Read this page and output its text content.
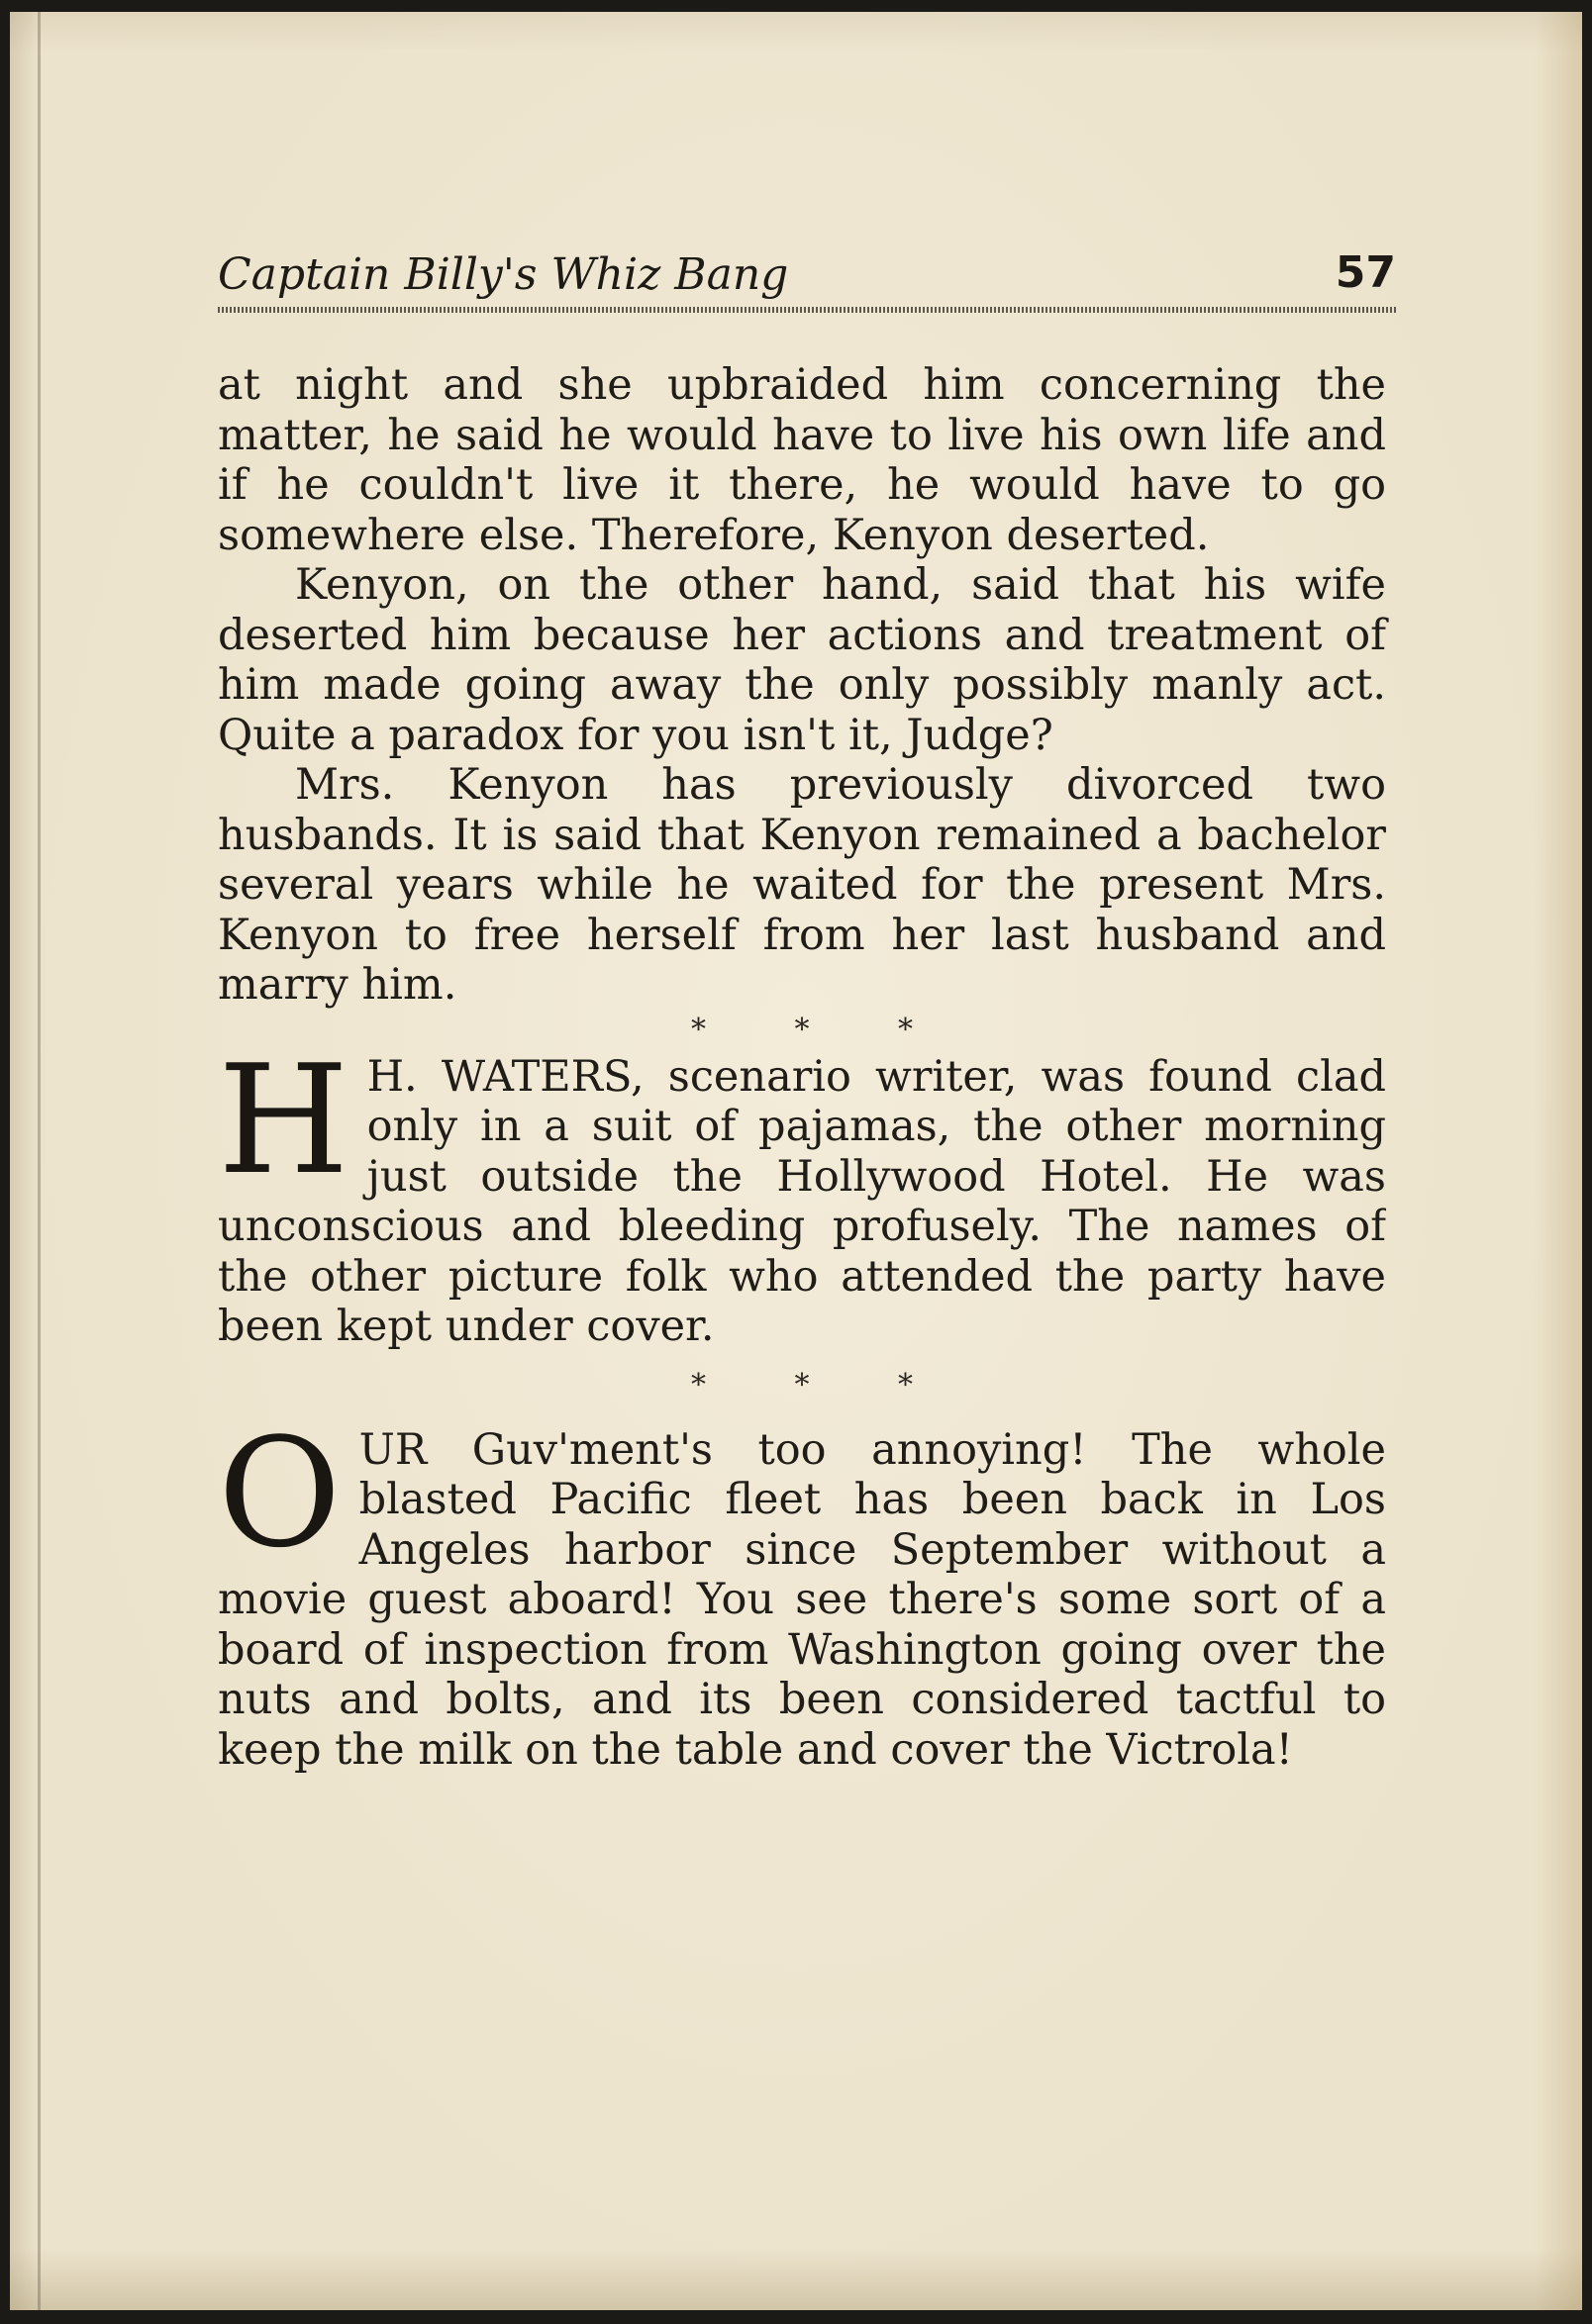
Captain Billy's Whiz Bang	57

at night and she upbraided him concerning the matter, he said he would have to live his own life and if he couldn't live it there, he would have to go somewhere else. Therefore, Kenyon deserted.

Kenyon, on the other hand, said that his wife deserted him because her actions and treatment of him made going away the only possibly manly act. Quite a paradox for you isn't it, Judge?

Mrs. Kenyon has previously divorced two husbands. It is said that Kenyon remained a bachelor several years while he waited for the present Mrs. Kenyon to free herself from her last husband and marry him.

* * *
H H. WATERS, scenario writer, was found clad only in a suit of pajamas, the other morning just outside the Hollywood Hotel. He was unconscious and bleeding profusely. The names of the other picture folk who attended the party have been kept under cover.
* * *
O UR Guv'ment's too annoying! The whole blasted Pacific fleet has been back in Los Angeles harbor since September without a movie guest aboard! You see there's some sort of a board of inspection from Washington going over the nuts and bolts, and its been considered tactful to keep the milk on the table and cover the Victrola!
